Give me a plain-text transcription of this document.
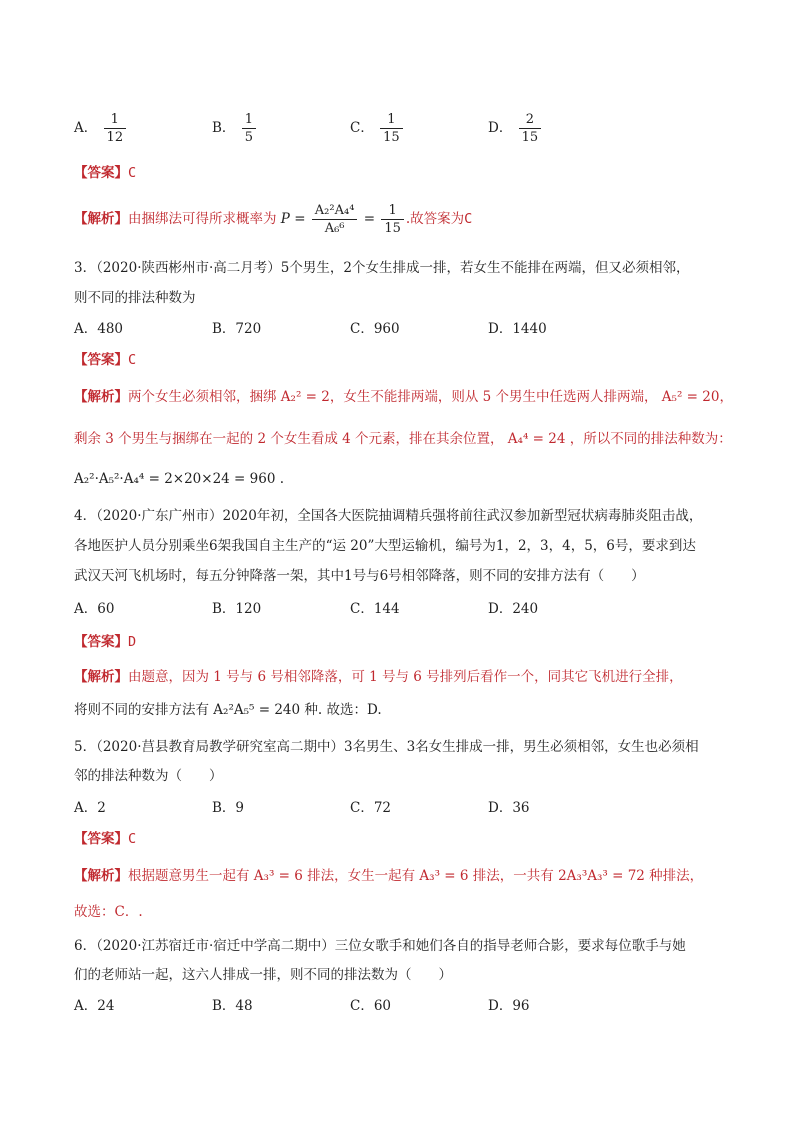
A． $\frac{1}{12}$	B． $\frac{1}{5}$	C． $\frac{1}{15}$	D． $\frac{2}{15}$
【答案】C
【解析】由捆绑法可得所求概率为 $P = \frac{\text{A₂²A₄⁴}}{\text{A₆⁶}} = \frac{1}{15}$ .故答案为C
3．（2020·陕西彬州市·高二月考）5个男生，2个女生排成一排，若女生不能排在两端，但又必须相邻，
则不同的排法种数为
A．480	B．720	C．960	D．1440
【答案】C
【解析】两个女生必须相邻，捆绑 A₂² = 2，女生不能排两端，则从 5 个男生中任选两人排两端， A₅² = 20，
剩余 3 个男生与捆绑在一起的 2 个女生看成 4 个元素，排在其余位置， A₄⁴ = 24 ，所以不同的排法种数为：
A₂²·A₅²·A₄⁴ = 2×20×24 = 960 .
4．（2020·广东广州市）2020年初，全国各大医院抽调精兵强将前往武汉参加新型冠状病毒肺炎阻击战，
各地医护人员分别乘坐6架我国自主生产的“运 20”大型运输机，编号为1，2，3，4，5，6号，要求到达
武汉天河飞机场时，每五分钟降落一架，其中1号与6号相邻降落，则不同的安排方法有（　　）
A．60	B．120	C．144	D．240
【答案】D
【解析】由题意，因为 1 号与 6 号相邻降落，可 1 号与 6 号排列后看作一个，同其它飞机进行全排，
将则不同的安排方法有 A₂²A₅⁵ = 240 种. 故选：D.
5．（2020·莒县教育局教学研究室高二期中）3名男生、3名女生排成一排，男生必须相邻，女生也必须相
邻的排法种数为（　　）
A．2	B．9	C．72	D．36
【答案】C
【解析】根据题意男生一起有 A₃³ = 6 排法，女生一起有 A₃³ = 6 排法，一共有 2A₃³A₃³ = 72 种排法，
故选：C．.
6．（2020·江苏宿迁市·宿迁中学高二期中）三位女歌手和她们各自的指导老师合影，要求每位歌手与她
们的老师站一起，这六人排成一排，则不同的排法数为（　　）
A．24	B．48	C．60	D．96
